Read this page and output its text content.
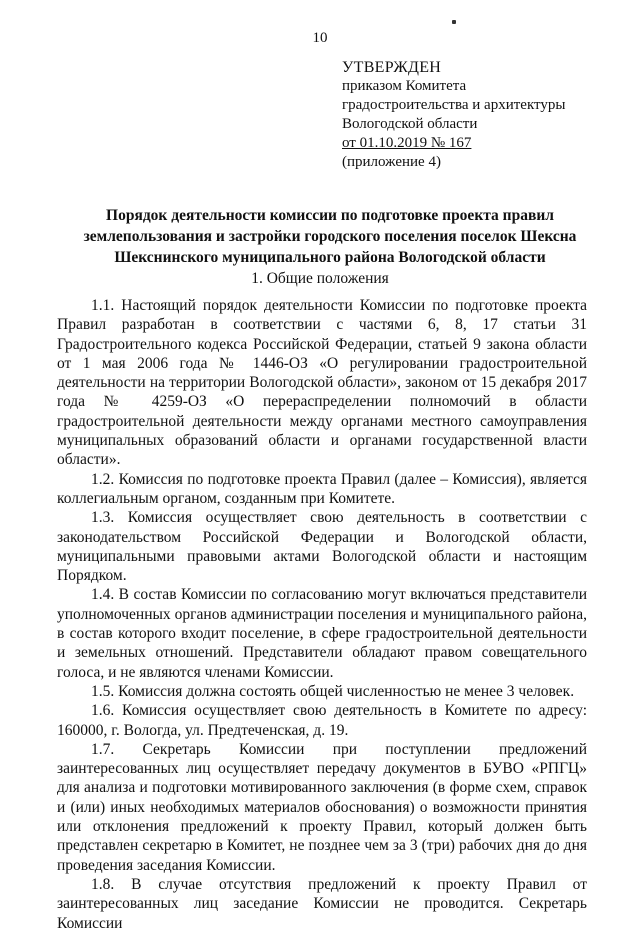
10
УТВЕРЖДЕН
приказом Комитета
градостроительства и архитектуры
Вологодской области
от 01.10.2019 № 167
(приложение 4)
Порядок деятельности комиссии по подготовке проекта правил
землепользования и застройки городского поселения поселок Шексна
Шекснинского муниципального района Вологодской области
1. Общие положения

1.1. Настоящий порядок деятельности Комиссии по подготовке проекта Правил разработан в соответствии с частями 6, 8, 17 статьи 31 Градостроительного кодекса Российской Федерации, статьей 9 закона области от 1 мая 2006 года № 1446-ОЗ «О регулировании градостроительной деятельности на территории Вологодской области», законом от 15 декабря 2017 года № 4259-ОЗ «О перераспределении полномочий в области градостроительной деятельности между органами местного самоуправления муниципальных образований области и органами государственной власти области».

1.2. Комиссия по подготовке проекта Правил (далее – Комиссия), является коллегиальным органом, созданным при Комитете.

1.3. Комиссия осуществляет свою деятельность в соответствии с законодательством Российской Федерации и Вологодской области, муниципальными правовыми актами Вологодской области и настоящим Порядком.

1.4. В состав Комиссии по согласованию могут включаться представители уполномоченных органов администрации поселения и муниципального района, в состав которого входит поселение, в сфере градостроительной деятельности и земельных отношений. Представители обладают правом совещательного голоса, и не являются членами Комиссии.

1.5. Комиссия должна состоять общей численностью не менее 3 человек.

1.6. Комиссия осуществляет свою деятельность в Комитете по адресу: 160000, г. Вологда, ул. Предтеченская, д. 19.

1.7. Секретарь Комиссии при поступлении предложений заинтересованных лиц осуществляет передачу документов в БУВО «РПГЦ» для анализа и подготовки мотивированного заключения (в форме схем, справок и (или) иных необходимых материалов обоснования) о возможности принятия или отклонения предложений к проекту Правил, который должен быть представлен секретарю в Комитет, не позднее чем за 3 (три) рабочих дня до дня проведения заседания Комиссии.

1.8. В случае отсутствия предложений к проекту Правил от заинтересованных лиц заседание Комиссии не проводится. Секретарь Комиссии
